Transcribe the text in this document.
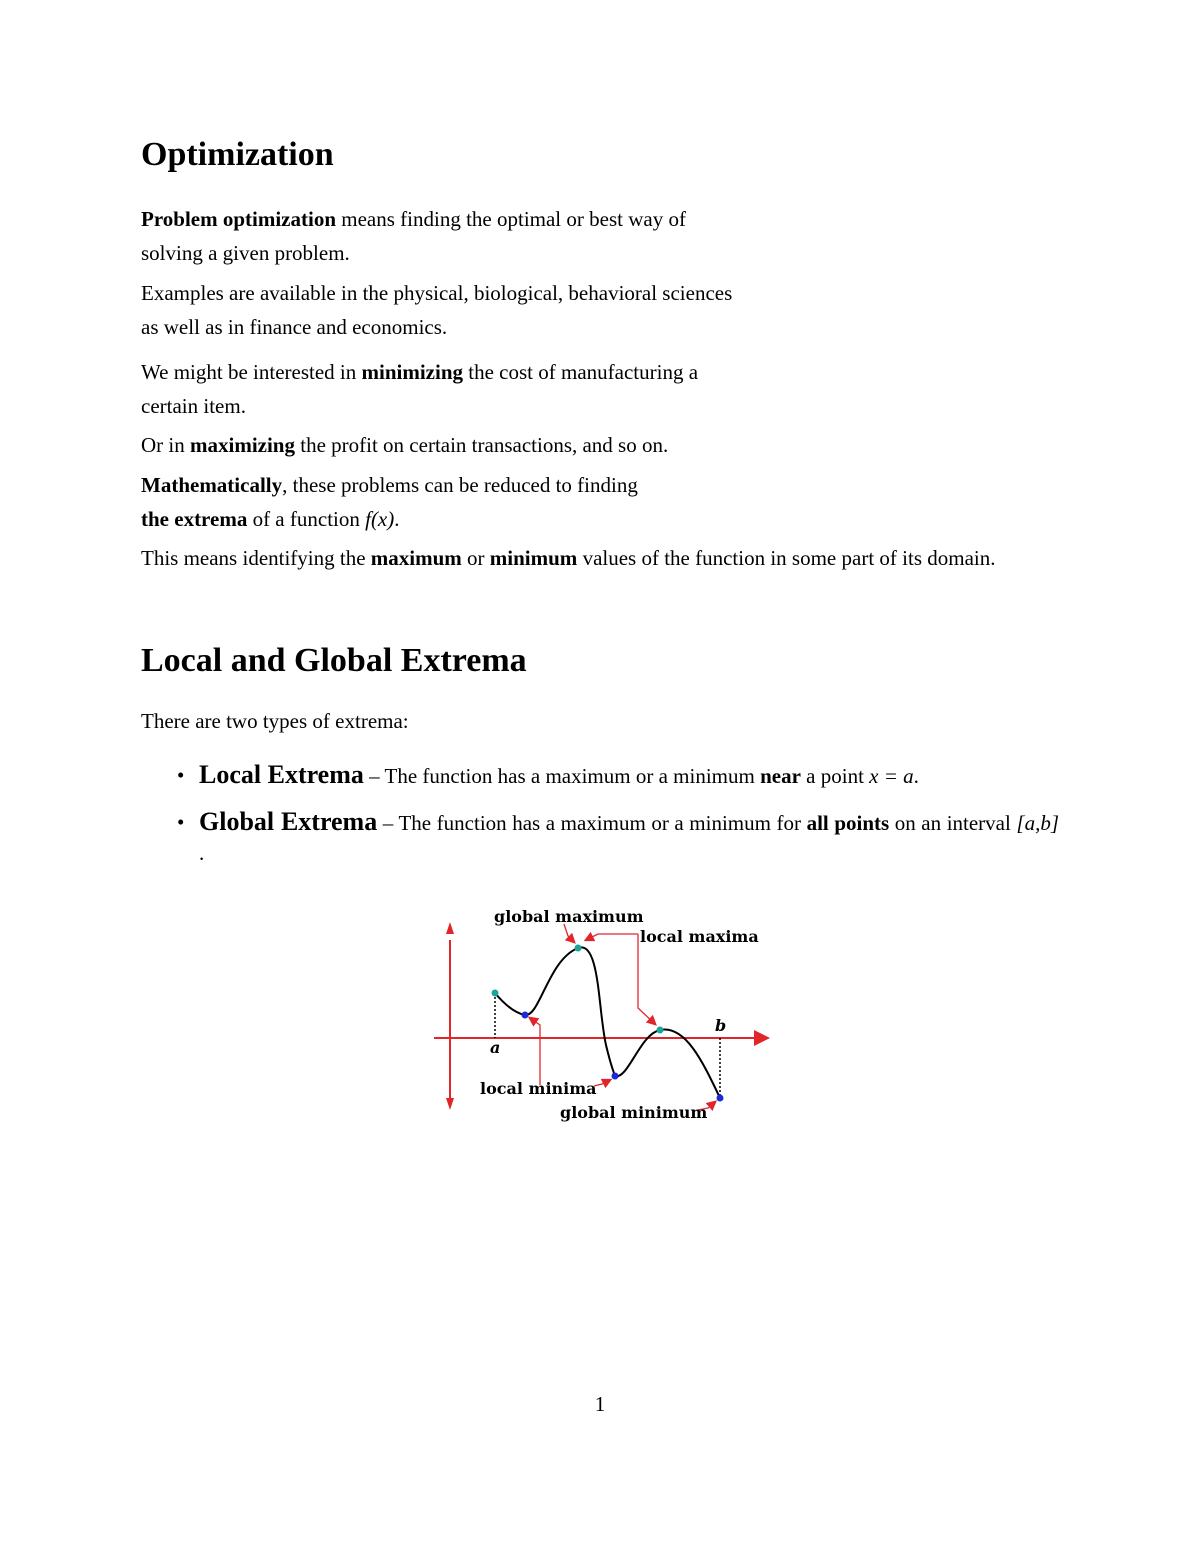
Optimization

Problem optimization means finding the optimal or best way of

solving a given problem.

Examples are available in the physical, biological, behavioral sciences

as well as in finance and economics.

We might be interested in minimizing the cost of manufacturing a

certain item.

Or in maximizing the profit on certain transactions, and so on.

Mathematically, these problems can be reduced to finding

the extrema of a function f(x).

This means identifying the maximum or minimum values of the function in some part of its domain.

Local and Global Extrema

There are two types of extrema:

• Local Extrema – The function has a maximum or a minimum near a point x = a.
• Global Extrema – The function has a maximum or a minimum for all points on an interval [a,b] .
global maximum
local maxima
local minima
global minimum
a
b
1
